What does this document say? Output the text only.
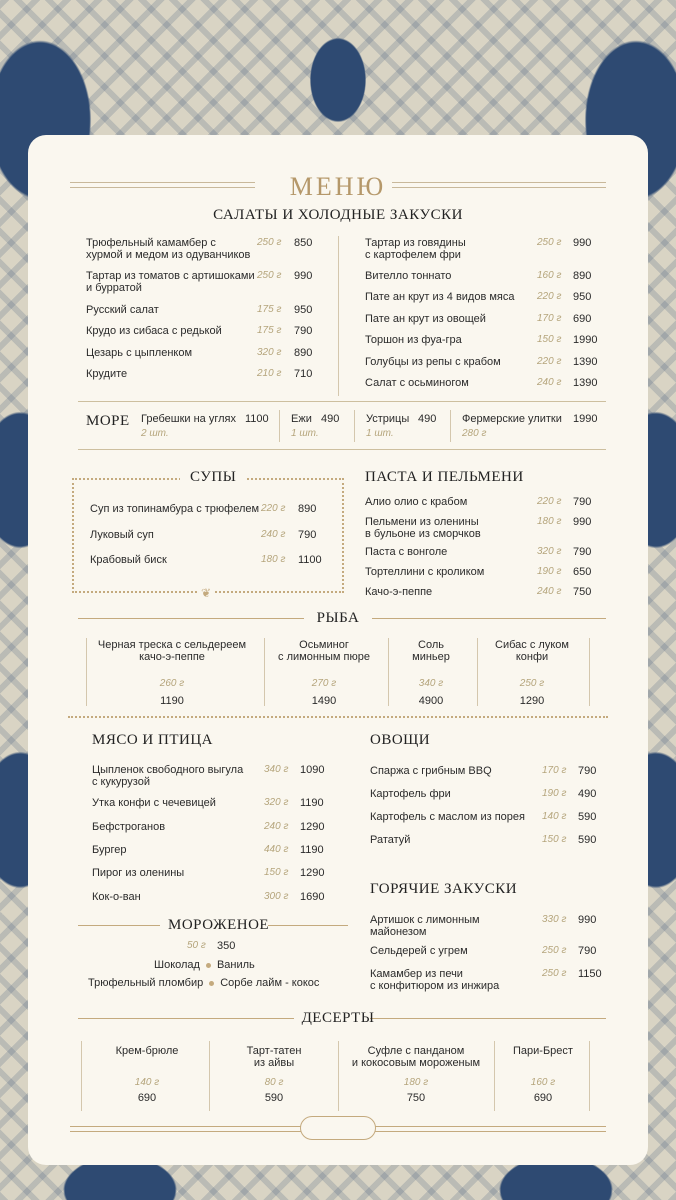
МЕНЮ
САЛАТЫ И ХОЛОДНЫЕ ЗАКУСКИ
Трюфельный камамбер с
хурмой и медом из одуванчиков
250 г 850
Тартар из томатов с артишоками
и бурратой
250 г 990
Русский салат	175 г 950
Крудо из сибаса с редькой	175 г 790
Цезарь с цыпленком	320 г 890
Крудите	210 г 710
Тартар из говядины
с картофелем фри
250 г 990
Вителло тоннато	160 г 890
Пате ан крут из 4 видов мяса	220 г 950
Пате ан крут из овощей	170 г 690
Торшон из фуа-гра	150 г 1990
Голубцы из репы с крабом	220 г 1390
Салат с осьминогом	240 г 1390
МОРЕ Гребешки на углях 1100
2 шт.
Ежи 490
1 шт.
Устрицы 490
1 шт.
Фермерские улитки 1990
280 г
СУПЫ
Суп из топинамбура с трюфелем 220 г 890
Луковый суп	240 г 790
Крабовый биск	180 г 1100
❦
ПАСТА И ПЕЛЬМЕНИ
Алио олио с крабом	220 г 790
Пельмени из оленины
в бульоне из сморчков
180 г 990
Паста с вонголе	320 г 790
Тортеллини с кроликом	190 г 650
Качо-э-пеппе	240 г 750
РЫБА
Черная треска с сельдереем
качо-э-пеппе
260 г
1190
Осьминог
с лимонным пюре
270 г
1490
Соль
миньер
340 г
4900
Сибас с луком
конфи
250 г
1290
МЯСО И ПТИЦА
Цыпленок свободного выгула
с кукурузой
340 г 1090
Утка конфи с чечевицей	320 г 1190
Бефстроганов	240 г 1290
Бургер	440 г 1190
Пирог из оленины	150 г 1290
Кок-о-ван	300 г 1690
ОВОЩИ
Спаржа с грибным BBQ	170 г 790
Картофель фри	190 г 490
Картофель с маслом из порея	140 г 590
Рататуй	150 г 590
МОРОЖЕНОЕ
50 г 350
Шоколад Ваниль
Трюфельный пломбир Сорбе лайм - кокос
ГОРЯЧИЕ ЗАКУСКИ
Артишок с лимонным
майонезом
330 г 990
Сельдерей с угрем	250 г 790
Камамбер из печи
с конфитюром из инжира
250 г 1150
ДЕСЕРТЫ
Крем-брюле
140 г
690
Тарт-татен
из айвы
80 г
590
Суфле с панданом
и кокосовым мороженым
180 г
750
Пари-Брест
160 г
690
